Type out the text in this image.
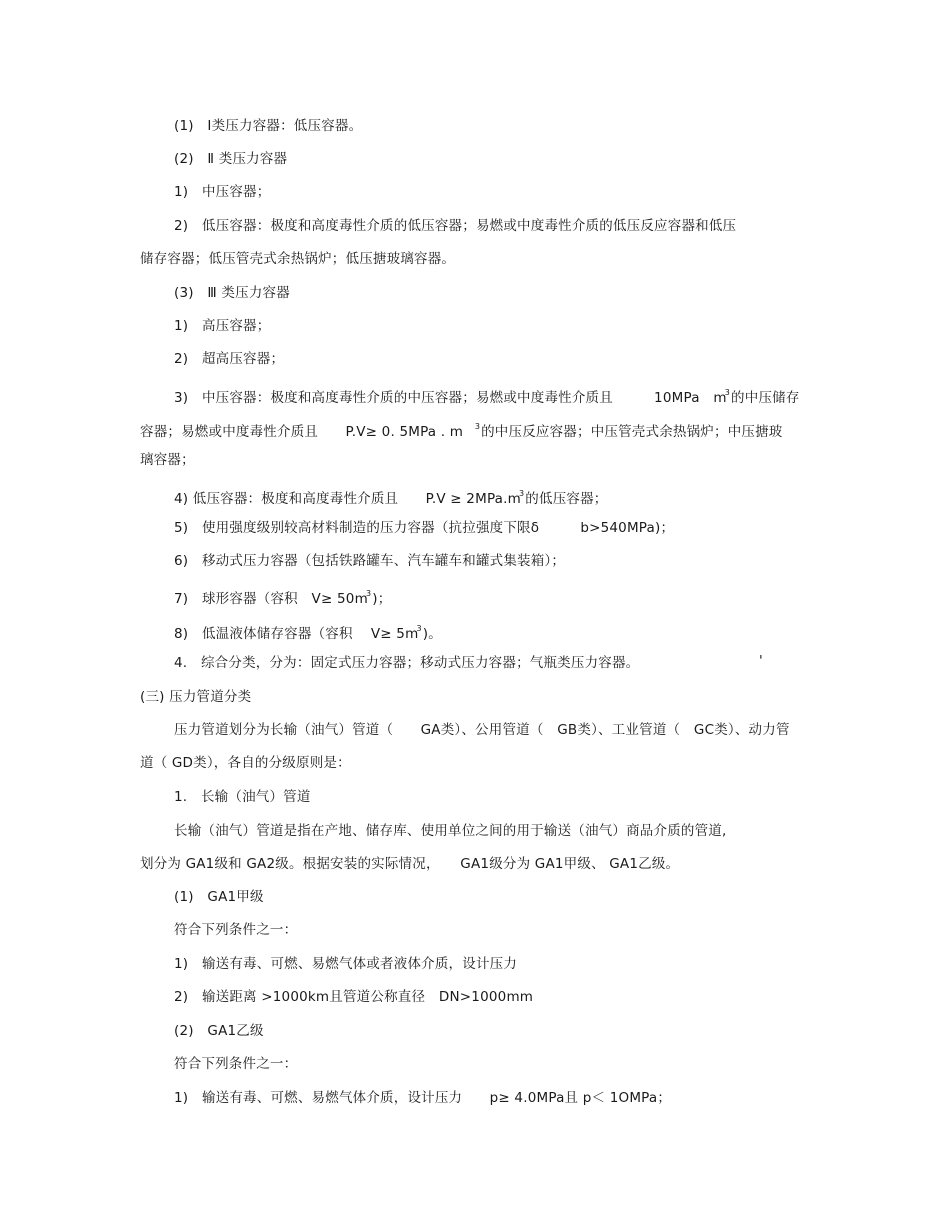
(1)　Ⅰ类压力容器：低压容器。
(2)　Ⅱ 类压力容器
1)　中压容器；
2)　低压容器：极度和高度毒性介质的低压容器；易燃或中度毒性介质的低压反应容器和低压
储存容器；低压管壳式余热锅炉；低压搪玻璃容器。
(3)　Ⅲ 类压力容器
1)　高压容器；
2)　超高压容器；
3)　中压容器：极度和高度毒性介质的中压容器；易燃或中度毒性介质且　　　10MPa　$m^3$的中压储存
容器；易燃或中度毒性介质且　　P.V≥ 0. 5MPa . m　$^3$的中压反应容器；中压管壳式余热锅炉；中压搪玻
璃容器；
4) 低压容器：极度和高度毒性介质且　　$P.V \ge 2MPa.m^3$的低压容器；
5)　使用强度级别较高材料制造的压力容器（抗拉强度下限δ　　　b>540MPa)；
6)　移动式压力容器（包括铁路罐车、汽车罐车和罐式集装箱）；
7)　球形容器（容积　$V\ge 50m^3$)；
8)　低温液体储存容器（容积　 $V\ge 5m^3$)。
4.　综合分类，分为：固定式压力容器；移动式压力容器；气瓶类压力容器。	'
(三) 压力管道分类
压力管道划分为长输（油气）管道（　　GA类）、公用管道（　GB类）、工业管道（　GC类）、动力管
道（ GD类），各自的分级原则是：
1.　长输（油气）管道
长输（油气）管道是指在产地、储存库、使用单位之间的用于输送（油气）商品介质的管道,
划分为 GA1级和 GA2级。根据安装的实际情况，　　GA1级分为 GA1甲级、 GA1乙级。
(1)　GA1甲级
符合下列条件之一：
1)　输送有毒、可燃、易燃气体或者液体介质，设计压力
2)　输送距离 >1000km且管道公称直径　DN>1000mm
(2)　GA1乙级
符合下列条件之一：
1)　输送有毒、可燃、易燃气体介质，设计压力　　p≥ 4.0MPa且 p＜ 1OMPa；
